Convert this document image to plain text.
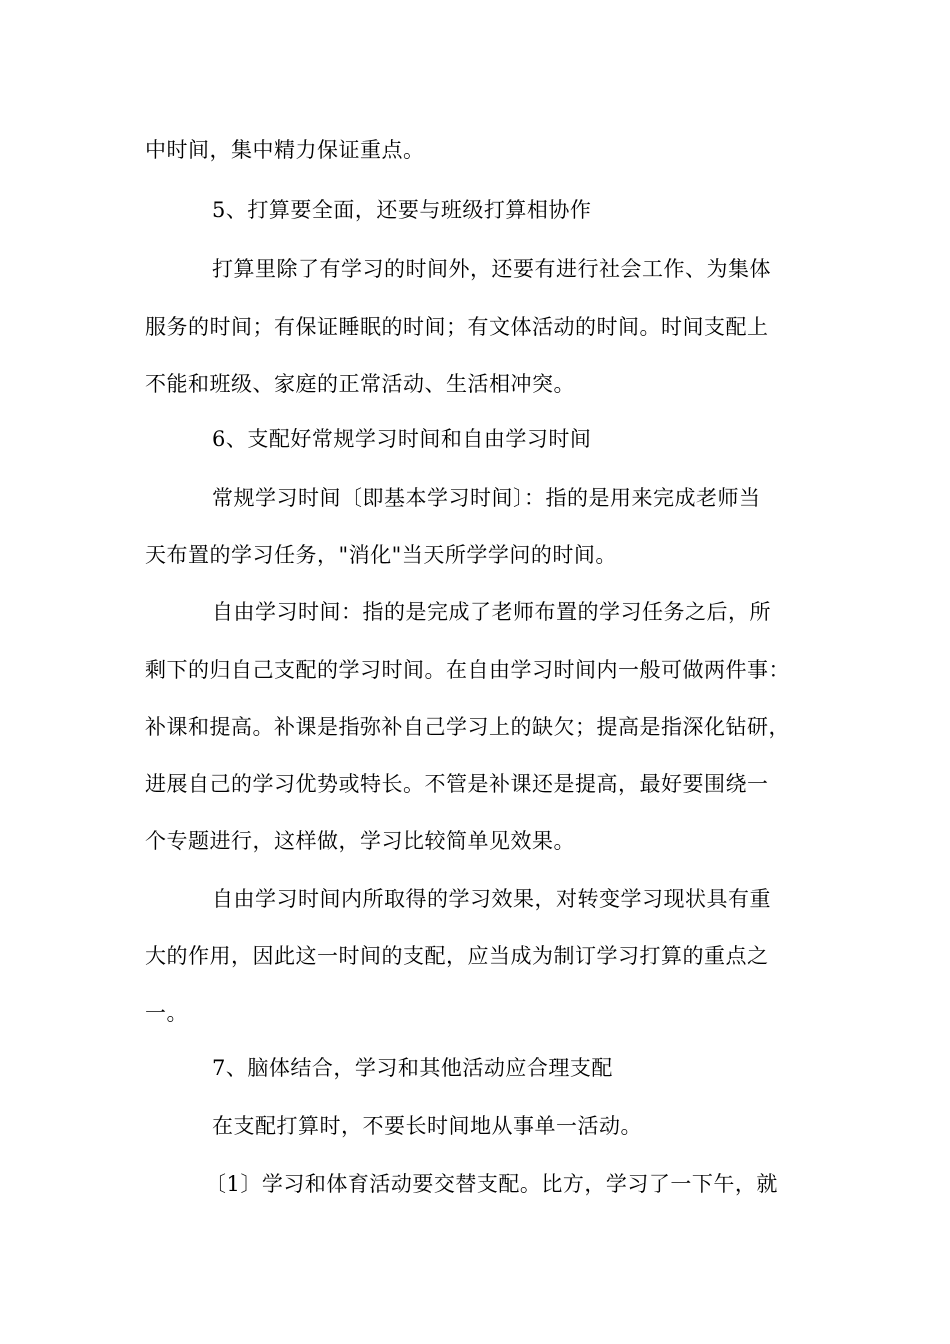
中时间，集中精力保证重点。
5、打算要全面，还要与班级打算相协作
打算里除了有学习的时间外，还要有进行社会工作、为集体
服务的时间；有保证睡眠的时间；有文体活动的时间。时间支配上
不能和班级、家庭的正常活动、生活相冲突。
6、支配好常规学习时间和自由学习时间
常规学习时间〔即基本学习时间〕：指的是用来完成老师当
天布置的学习任务，"消化"当天所学学问的时间。
自由学习时间：指的是完成了老师布置的学习任务之后，所
剩下的归自己支配的学习时间。在自由学习时间内一般可做两件事：
补课和提高。补课是指弥补自己学习上的缺欠；提高是指深化钻研，
进展自己的学习优势或特长。不管是补课还是提高，最好要围绕一
个专题进行，这样做，学习比较简单见效果。
自由学习时间内所取得的学习效果，对转变学习现状具有重
大的作用，因此这一时间的支配，应当成为制订学习打算的重点之
一。
7、脑体结合，学习和其他活动应合理支配
在支配打算时，不要长时间地从事单一活动。
〔1〕学习和体育活动要交替支配。比方，学习了一下午，就
